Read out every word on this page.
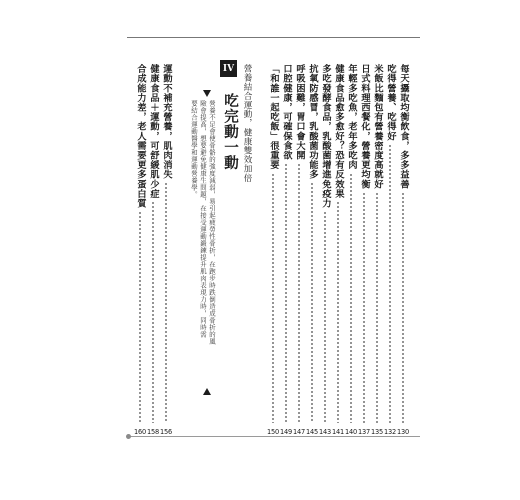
每天攝取均衡飲食，多多益善
130
吃得營養、吃得好
132
米飯比麵包有營養密度高就好
135
日式料理西餐化，營養更均衡
137
年輕多吃魚，老年多吃肉
140
健康食品愈多愈好？恐有反效果
141
多吃發酵食品，乳酸菌增進免疫力
143
抗氧防感冒，乳酸菌功能多
145
呼吸困難，胃口會大開
147
口腔健康，可確保食欲
149
「和誰一起吃飯」很重要
150
營養結合運動，健康雙效加倍
IV
吃完動一動
營養不足會使骨骼的強度減弱，易引起疲勞性骨折，在跑步時跌倒造成骨折的風
險會提高，想要避免健康生問題，在接受運動鍛鍊提升肌肉表現力時，同時需
要結合運動醫學和運動營養學。
運動不補充營養，肌肉消失
156
健康食品＋運動，可舒緩肌少症
158
合成能力差，老人需要更多蛋白質
160
